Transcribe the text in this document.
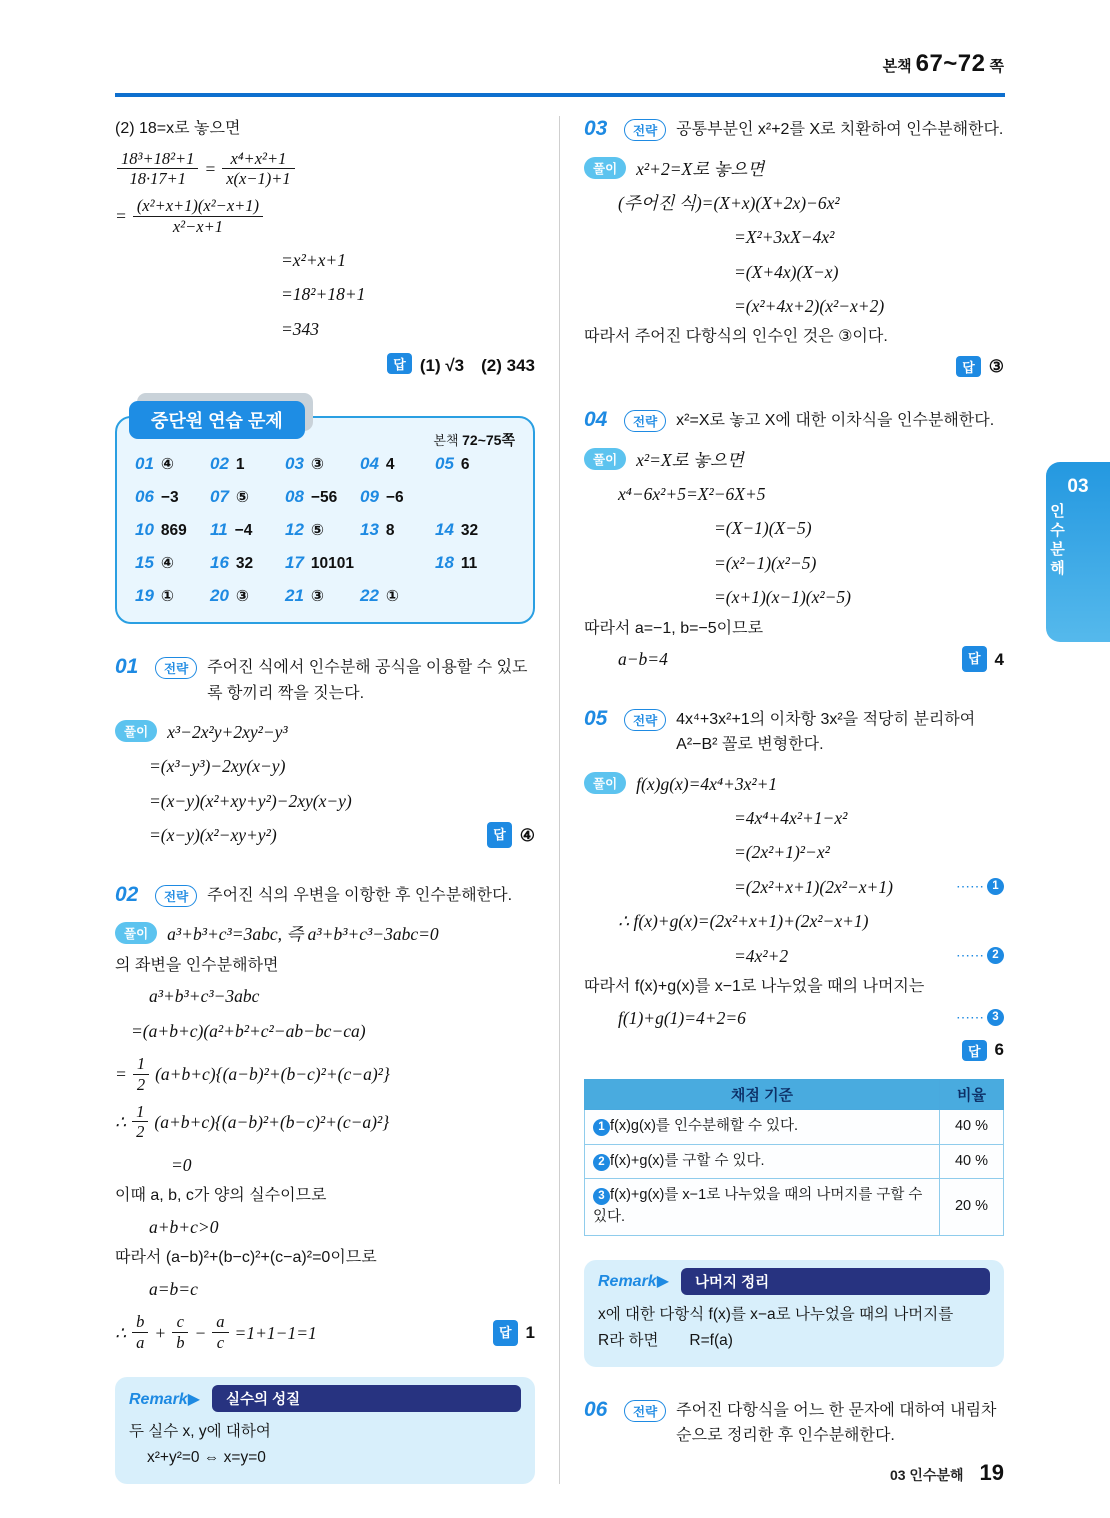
본책 67~72 쪽
(2) 18=x로 놓으면
$\frac{\text{18³+18²+1}}{18\cdot 17+1} = \frac{\text{x⁴+x²+1}}{x(x-1)+1}$
= $\frac{\text{(x²+x+1)(x²−x+1)}}{\text{x²−x+1}}$
=x²+x+1
=18²+18+1
=343
답 (1) √3　(2) 343
중단원 연습 문제
본책 72~75쪽
01 ④ 02 1 03 ③ 04 4 05 6
06 −3 07 ⑤ 08 −56 09 −6
10 869 11 −4 12 ⑤ 13 8 14 32
15 ④ 16 32 17 10101	18 11
19 ① 20 ③ 21 ③ 22 ①
01	전략	주어진 식에서 인수분해 공식을 이용할 수 있도록 항끼리 짝을 짓는다.
풀이	x³−2x²y+2xy²−y³
=(x³−y³)−2xy(x−y)
=(x−y)(x²+xy+y²)−2xy(x−y)
=(x−y)(x²−xy+y²)	답 ④
02	전략	주어진 식의 우변을 이항한 후 인수분해한다.
풀이	a³+b³+c³=3abc, 즉 a³+b³+c³−3abc=0
의 좌변을 인수분해하면
a³+b³+c³−3abc
=(a+b+c)(a²+b²+c²−ab−bc−ca)
= $\frac{1}{2} (a+b+c)\{(a-b)^2+(b-c)^2+(c-a)^2\}$
∴ $\frac{1}{2} (a+b+c)\{(a-b)^2+(b-c)^2+(c-a)^2\}$
=0
이때 a, b, c가 양의 실수이므로
a+b+c>0
따라서 (a−b)²+(b−c)²+(c−a)²=0이므로
a=b=c
∴ $\frac{b}{a} + \frac{c}{b} - \frac{a}{c} =1+1-1=1$	답 1
Remark▶	실수의 성질
두 실수 x, y에 대하여
x²+y²=0 ⇔ x=y=0
03	전략	공통부분인 x²+2를 X로 치환하여 인수분해한다.
풀이	x²+2=X로 놓으면
(주어진 식)=(X+x)(X+2x)−6x²
=X²+3xX−4x²
=(X+4x)(X−x)
=(x²+4x+2)(x²−x+2)
따라서 주어진 다항식의 인수인 것은 ③이다.
답 ③
04	전략	x²=X로 놓고 X에 대한 이차식을 인수분해한다.
풀이	x²=X로 놓으면
x⁴−6x²+5=X²−6X+5
=(X−1)(X−5)
=(x²−1)(x²−5)
=(x+1)(x−1)(x²−5)
따라서 a=−1, b=−5이므로
a−b=4	답 4
05	전략	4x⁴+3x²+1의 이차항 3x²을 적당히 분리하여 A²−B² 꼴로 변형한다.
풀이	f(x)g(x)=4x⁴+3x²+1
=4x⁴+4x²+1−x²
=(2x²+1)²−x²
=(2x²+x+1)(2x²−x+1)	⋯⋯ 1
∴ f(x)+g(x)=(2x²+x+1)+(2x²−x+1)
=4x²+2	⋯⋯ 2
따라서 f(x)+g(x)를 x−1로 나누었을 때의 나머지는
f(1)+g(1)=4+2=6	⋯⋯ 3
답 6
채점 기준	비율
1 f(x)g(x)를 인수분해할 수 있다.	40 %
2 f(x)+g(x)를 구할 수 있다.	40 %
3 f(x)+g(x)를 x−1로 나누었을 때의 나머지를 구할 수 있다.	20 %
Remark▶	나머지 정리
x에 대한 다항식 f(x)를 x−a로 나누었을 때의 나머지를
R라 하면　　R=f(a)
06	전략	주어진 다항식을 어느 한 문자에 대하여 내림차순으로 정리한 후 인수분해한다.
03
인수분해
03 인수분해 19
